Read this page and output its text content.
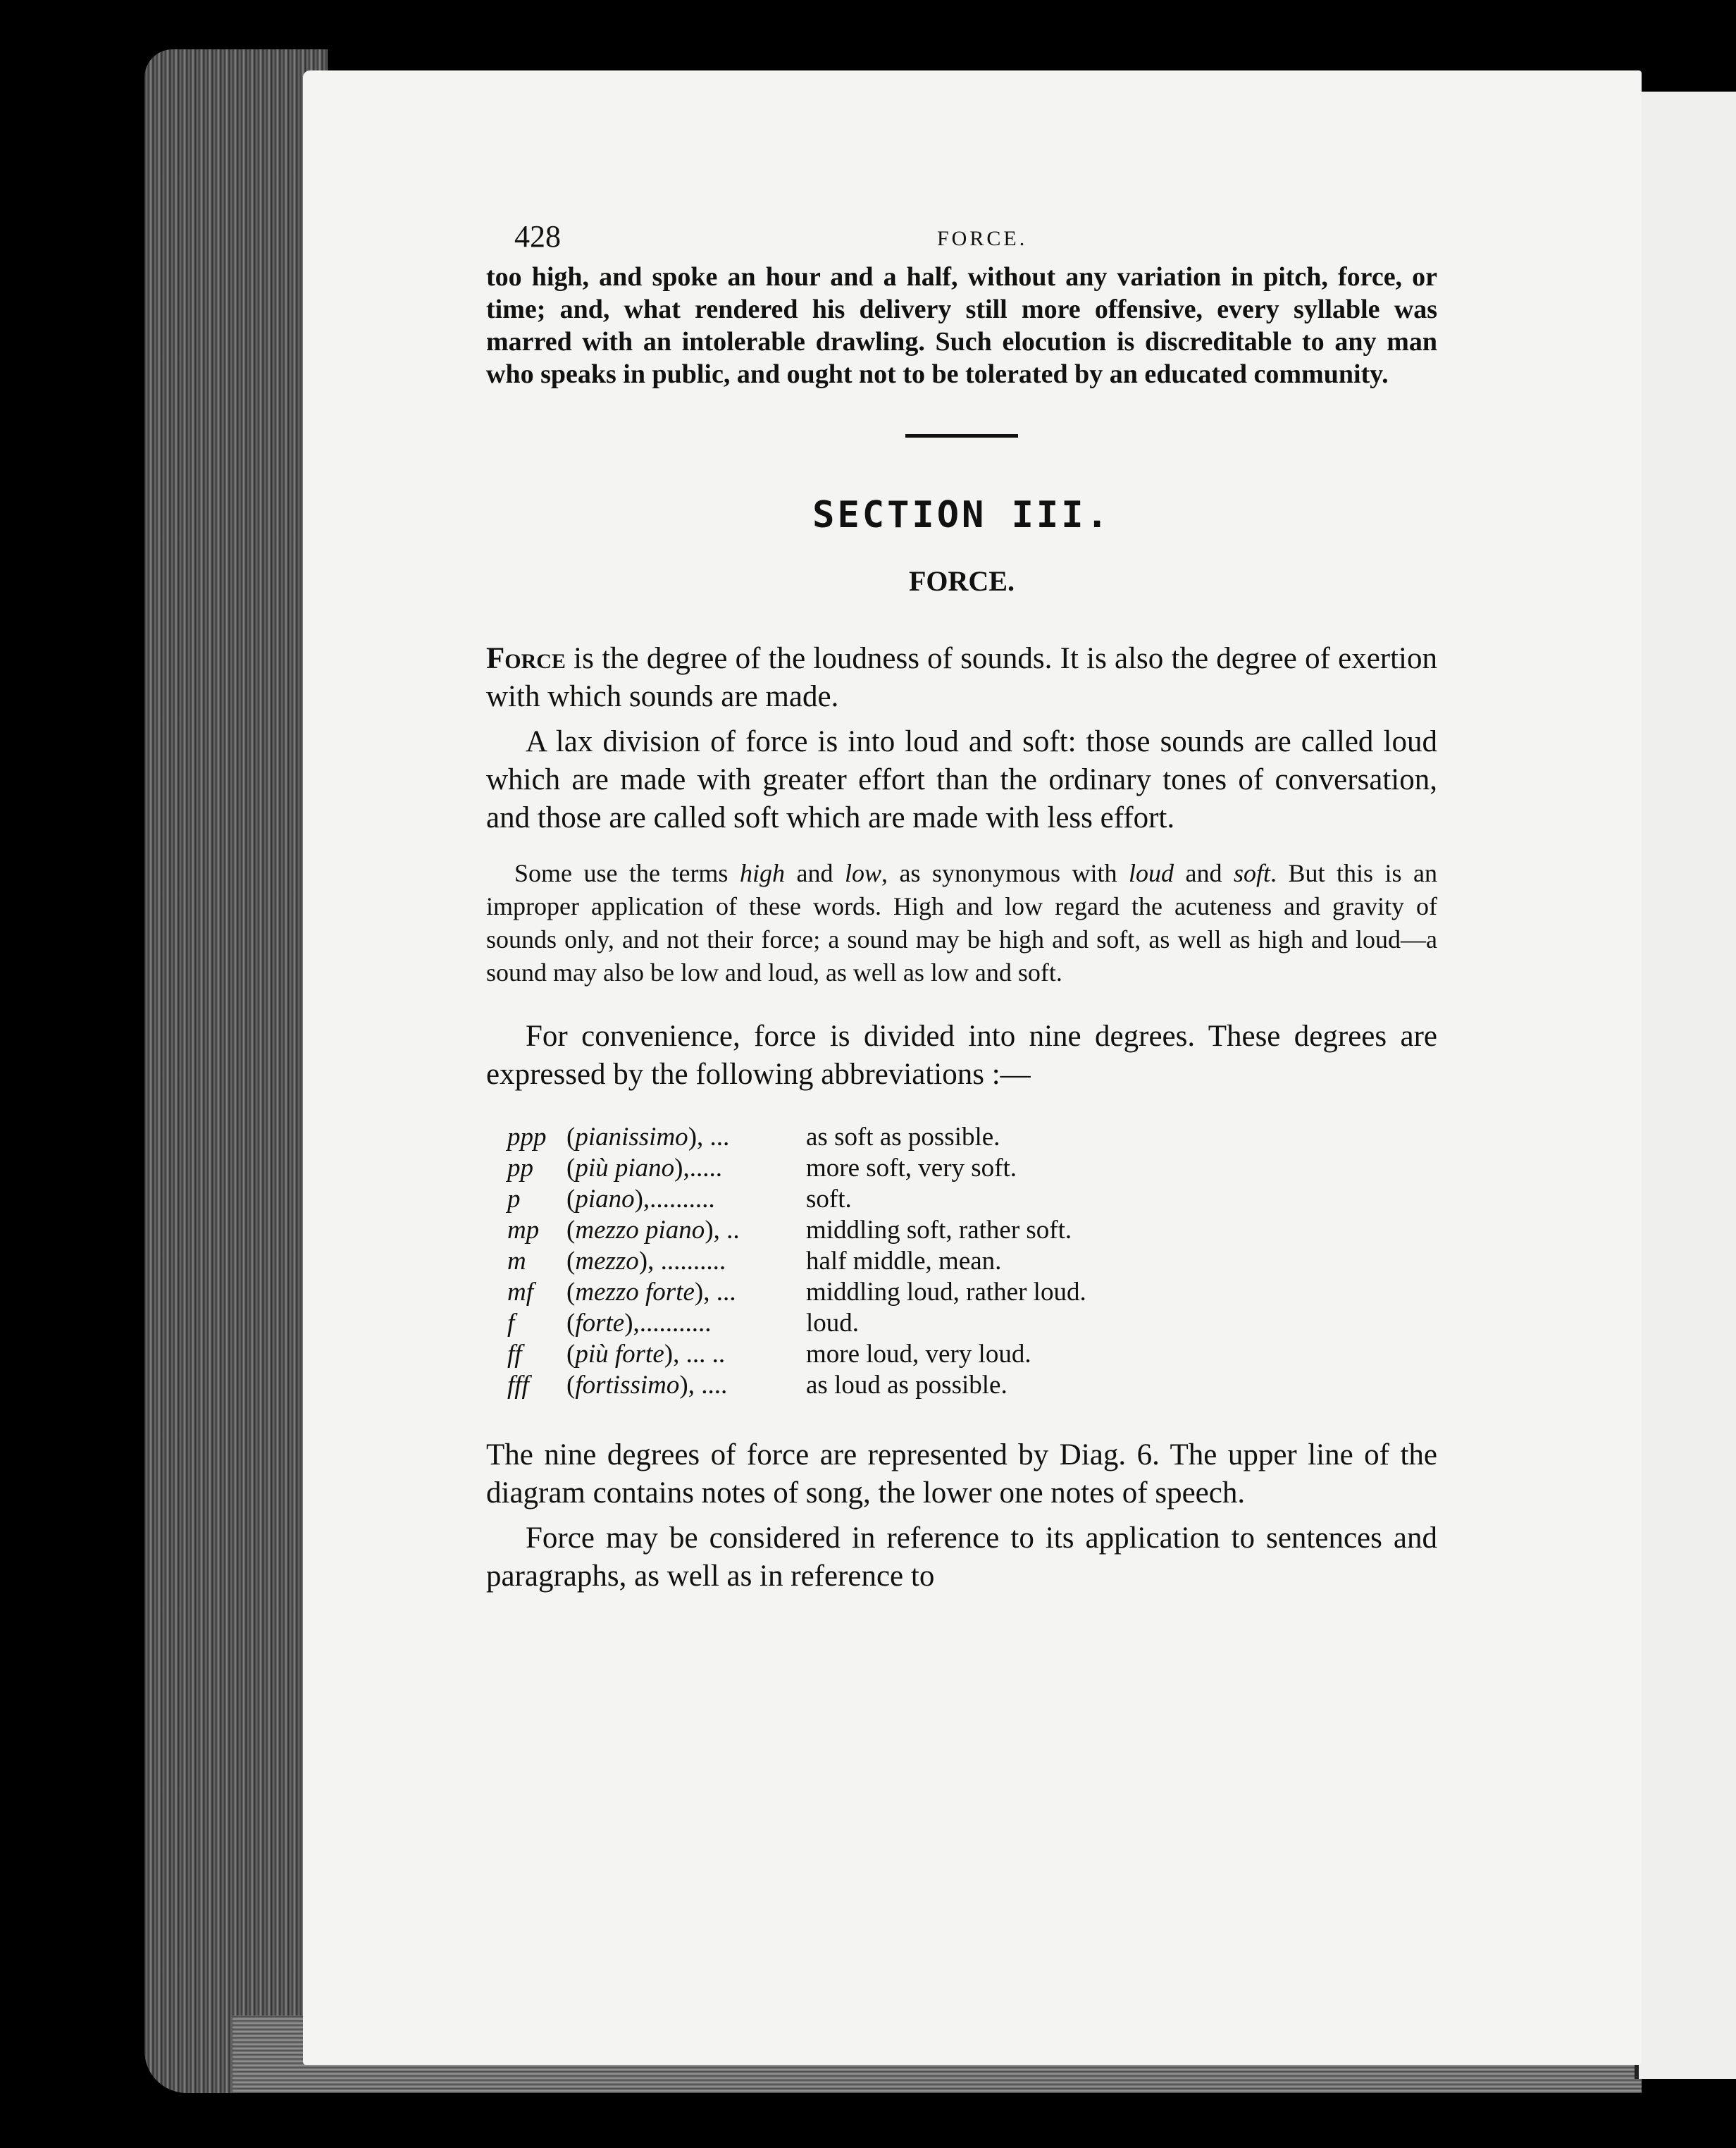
428	FORCE.

too high, and spoke an hour and a half, without any variation in pitch, force, or time; and, what rendered his delivery still more offensive, every syllable was marred with an intolerable drawling. Such elocution is discreditable to any man who speaks in public, and ought not to be tolerated by an educated community.

SECTION III.
FORCE.

Force is the degree of the loudness of sounds. It is also the degree of exertion with which sounds are made.

A lax division of force is into loud and soft: those sounds are called loud which are made with greater effort than the ordinary tones of conversation, and those are called soft which are made with less effort.

Some use the terms high and low, as synonymous with loud and soft. But this is an improper application of these words. High and low regard the acuteness and gravity of sounds only, and not their force; a sound may be high and soft, as well as high and loud—a sound may also be low and loud, as well as low and soft.

For convenience, force is divided into nine degrees. These degrees are expressed by the following abbreviations :—

ppp (pianissimo), ...	as soft as possible.
pp	(più piano),.....	more soft, very soft.
p	(piano),..........	soft.
mp	(mezzo piano), ..	middling soft, rather soft.
m	(mezzo), ..........	half middle, mean.
mf	(mezzo forte), ...	middling loud, rather loud.
f	(forte),...........	loud.
ff	(più forte), ... ..	more loud, very loud.
fff	(fortissimo), ....	as loud as possible.

The nine degrees of force are represented by Diag. 6. The upper line of the diagram contains notes of song, the lower one notes of speech.

Force may be considered in reference to its application to sentences and paragraphs, as well as in reference to
